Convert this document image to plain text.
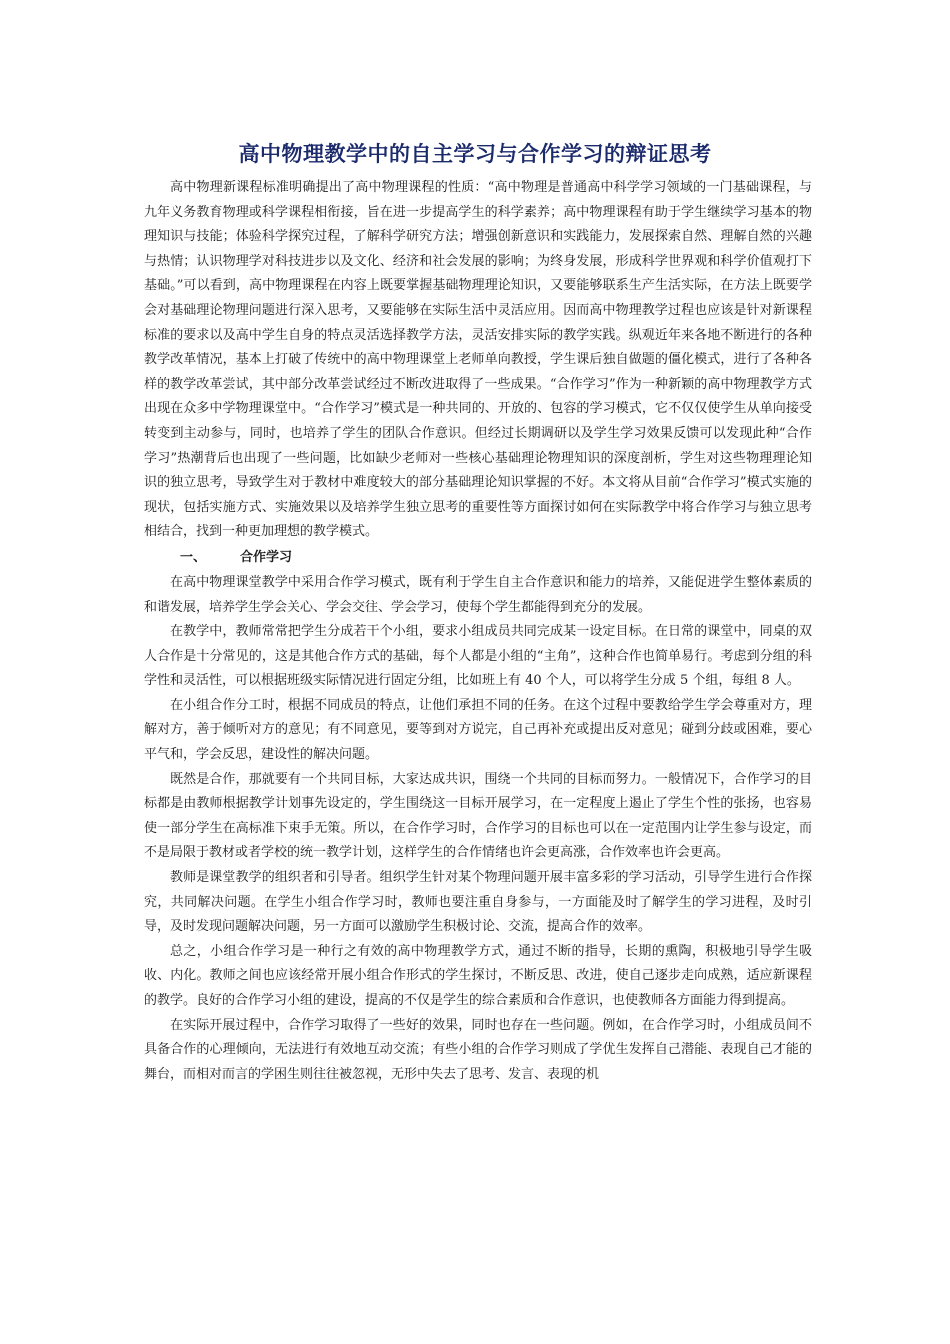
高中物理教学中的自主学习与合作学习的辩证思考

高中物理新课程标准明确提出了高中物理课程的性质：“高中物理是普通高中科学学习领域的一门基础课程，与九年义务教育物理或科学课程相衔接，旨在进一步提高学生的科学素养；高中物理课程有助于学生继续学习基本的物理知识与技能；体验科学探究过程，了解科学研究方法；增强创新意识和实践能力，发展探索自然、理解自然的兴趣与热情；认识物理学对科技进步以及文化、经济和社会发展的影响；为终身发展，形成科学世界观和科学价值观打下基础。”可以看到，高中物理课程在内容上既要掌握基础物理理论知识，又要能够联系生产生活实际，在方法上既要学会对基础理论物理问题进行深入思考，又要能够在实际生活中灵活应用。因而高中物理教学过程也应该是针对新课程标准的要求以及高中学生自身的特点灵活选择教学方法，灵活安排实际的教学实践。纵观近年来各地不断进行的各种教学改革情况，基本上打破了传统中的高中物理课堂上老师单向教授，学生课后独自做题的僵化模式，进行了各种各样的教学改革尝试，其中部分改革尝试经过不断改进取得了一些成果。“合作学习”作为一种新颖的高中物理教学方式出现在众多中学物理课堂中。“合作学习”模式是一种共同的、开放的、包容的学习模式，它不仅仅使学生从单向接受转变到主动参与，同时，也培养了学生的团队合作意识。但经过长期调研以及学生学习效果反馈可以发现此种“合作学习”热潮背后也出现了一些问题，比如缺少老师对一些核心基础理论物理知识的深度剖析，学生对这些物理理论知识的独立思考，导致学生对于教材中难度较大的部分基础理论知识掌握的不好。本文将从目前“合作学习”模式实施的现状，包括实施方式、实施效果以及培养学生独立思考的重要性等方面探讨如何在实际教学中将合作学习与独立思考相结合，找到一种更加理想的教学模式。

一、	合作学习

在高中物理课堂教学中采用合作学习模式，既有利于学生自主合作意识和能力的培养，又能促进学生整体素质的和谐发展，培养学生学会关心、学会交往、学会学习，使每个学生都能得到充分的发展。

在教学中，教师常常把学生分成若干个小组，要求小组成员共同完成某一设定目标。在日常的课堂中，同桌的双人合作是十分常见的，这是其他合作方式的基础，每个人都是小组的“主角”，这种合作也简单易行。考虑到分组的科学性和灵活性，可以根据班级实际情况进行固定分组，比如班上有 40 个人，可以将学生分成 5 个组，每组 8 人。

在小组合作分工时，根据不同成员的特点，让他们承担不同的任务。在这个过程中要教给学生学会尊重对方，理解对方，善于倾听对方的意见；有不同意见，要等到对方说完，自己再补充或提出反对意见；碰到分歧或困难，要心平气和，学会反思，建设性的解决问题。

既然是合作，那就要有一个共同目标，大家达成共识，围绕一个共同的目标而努力。一般情况下，合作学习的目标都是由教师根据教学计划事先设定的，学生围绕这一目标开展学习，在一定程度上遏止了学生个性的张扬，也容易使一部分学生在高标准下束手无策。所以，在合作学习时，合作学习的目标也可以在一定范围内让学生参与设定，而不是局限于教材或者学校的统一教学计划，这样学生的合作情绪也许会更高涨，合作效率也许会更高。

教师是课堂教学的组织者和引导者。组织学生针对某个物理问题开展丰富多彩的学习活动，引导学生进行合作探究，共同解决问题。在学生小组合作学习时，教师也要注重自身参与，一方面能及时了解学生的学习进程，及时引导，及时发现问题解决问题，另一方面可以激励学生积极讨论、交流，提高合作的效率。

总之，小组合作学习是一种行之有效的高中物理教学方式，通过不断的指导，长期的熏陶，积极地引导学生吸收、内化。教师之间也应该经常开展小组合作形式的学生探讨，不断反思、改进，使自己逐步走向成熟，适应新课程的教学。良好的合作学习小组的建设，提高的不仅是学生的综合素质和合作意识，也使教师各方面能力得到提高。

在实际开展过程中，合作学习取得了一些好的效果，同时也存在一些问题。例如，在合作学习时，小组成员间不具备合作的心理倾向，无法进行有效地互动交流；有些小组的合作学习则成了学优生发挥自己潜能、表现自己才能的舞台，而相对而言的学困生则往往被忽视，无形中失去了思考、发言、表现的机
